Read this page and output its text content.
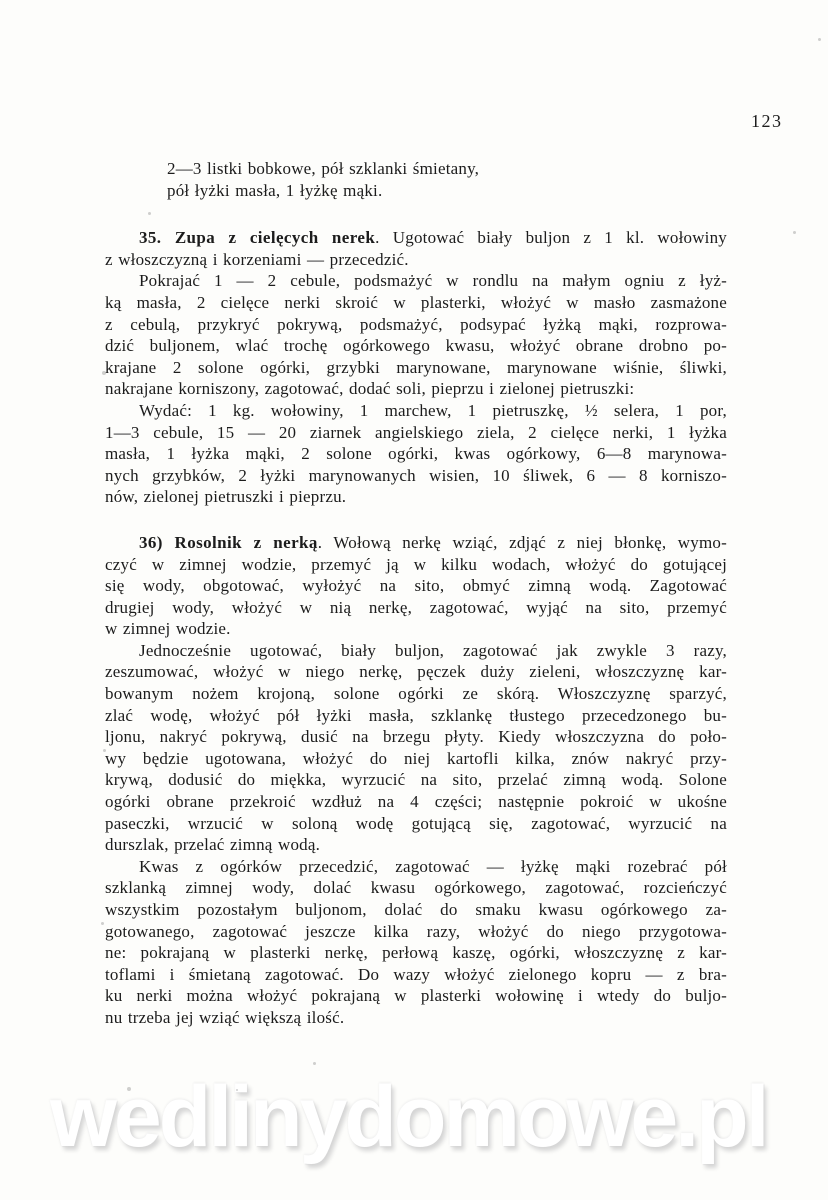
123
2—3 listki bobkowe, pół szklanki śmietany,
pół łyżki masła, 1 łyżkę mąki.
35. Zupa z cielęcych nerek. Ugotować biały buljon z 1 kl. wołowiny
z włoszczyzną i korzeniami — przecedzić.
Pokrajać 1 — 2 cebule, podsmażyć w rondlu na małym ogniu z łyż-
ką masła, 2 cielęce nerki skroić w plasterki, włożyć w masło zasmażone
z cebulą, przykryć pokrywą, podsmażyć, podsypać łyżką mąki, rozprowa-
dzić buljonem, wlać trochę ogórkowego kwasu, włożyć obrane drobno po-
krajane 2 solone ogórki, grzybki marynowane, marynowane wiśnie, śliwki,
nakrajane korniszony, zagotować, dodać soli, pieprzu i zielonej pietruszki:
Wydać: 1 kg. wołowiny, 1 marchew, 1 pietruszkę, ½ selera, 1 por,
1—3 cebule, 15 — 20 ziarnek angielskiego ziela, 2 cielęce nerki, 1 łyżka
masła, 1 łyżka mąki, 2 solone ogórki, kwas ogórkowy, 6—8 marynowa-
nych grzybków, 2 łyżki marynowanych wisien, 10 śliwek, 6 — 8 korniszo-
nów, zielonej pietruszki i pieprzu.
36) Rosolnik z nerką. Wołową nerkę wziąć, zdjąć z niej błonkę, wymo-
czyć w zimnej wodzie, przemyć ją w kilku wodach, włożyć do gotującej
się wody, obgotować, wyłożyć na sito, obmyć zimną wodą. Zagotować
drugiej wody, włożyć w nią nerkę, zagotować, wyjąć na sito, przemyć
w zimnej wodzie.
Jednocześnie ugotować, biały buljon, zagotować jak zwykle 3 razy,
zeszumować, włożyć w niego nerkę, pęczek duży zieleni, włoszczyznę kar-
bowanym nożem krojoną, solone ogórki ze skórą. Włoszczyznę sparzyć,
zlać wodę, włożyć pół łyżki masła, szklankę tłustego przecedzonego bu-
ljonu, nakryć pokrywą, dusić na brzegu płyty. Kiedy włoszczyzna do poło-
wy będzie ugotowana, włożyć do niej kartofli kilka, znów nakryć przy-
krywą, dodusić do miękka, wyrzucić na sito, przelać zimną wodą. Solone
ogórki obrane przekroić wzdłuż na 4 części; następnie pokroić w ukośne
paseczki, wrzucić w soloną wodę gotującą się, zagotować, wyrzucić na
durszlak, przelać zimną wodą.
Kwas z ogórków przecedzić, zagotować — łyżkę mąki rozebrać pół
szklanką zimnej wody, dolać kwasu ogórkowego, zagotować, rozcieńczyć
wszystkim pozostałym buljonom, dolać do smaku kwasu ogórkowego za-
gotowanego, zagotować jeszcze kilka razy, włożyć do niego przygotowa-
ne: pokrajaną w plasterki nerkę, perłową kaszę, ogórki, włoszczyznę z kar-
toflami i śmietaną zagotować. Do wazy włożyć zielonego kopru — z bra-
ku nerki można włożyć pokrajaną w plasterki wołowinę i wtedy do buljo-
nu trzeba jej wziąć większą ilość.
wedlinydomowe.pl
